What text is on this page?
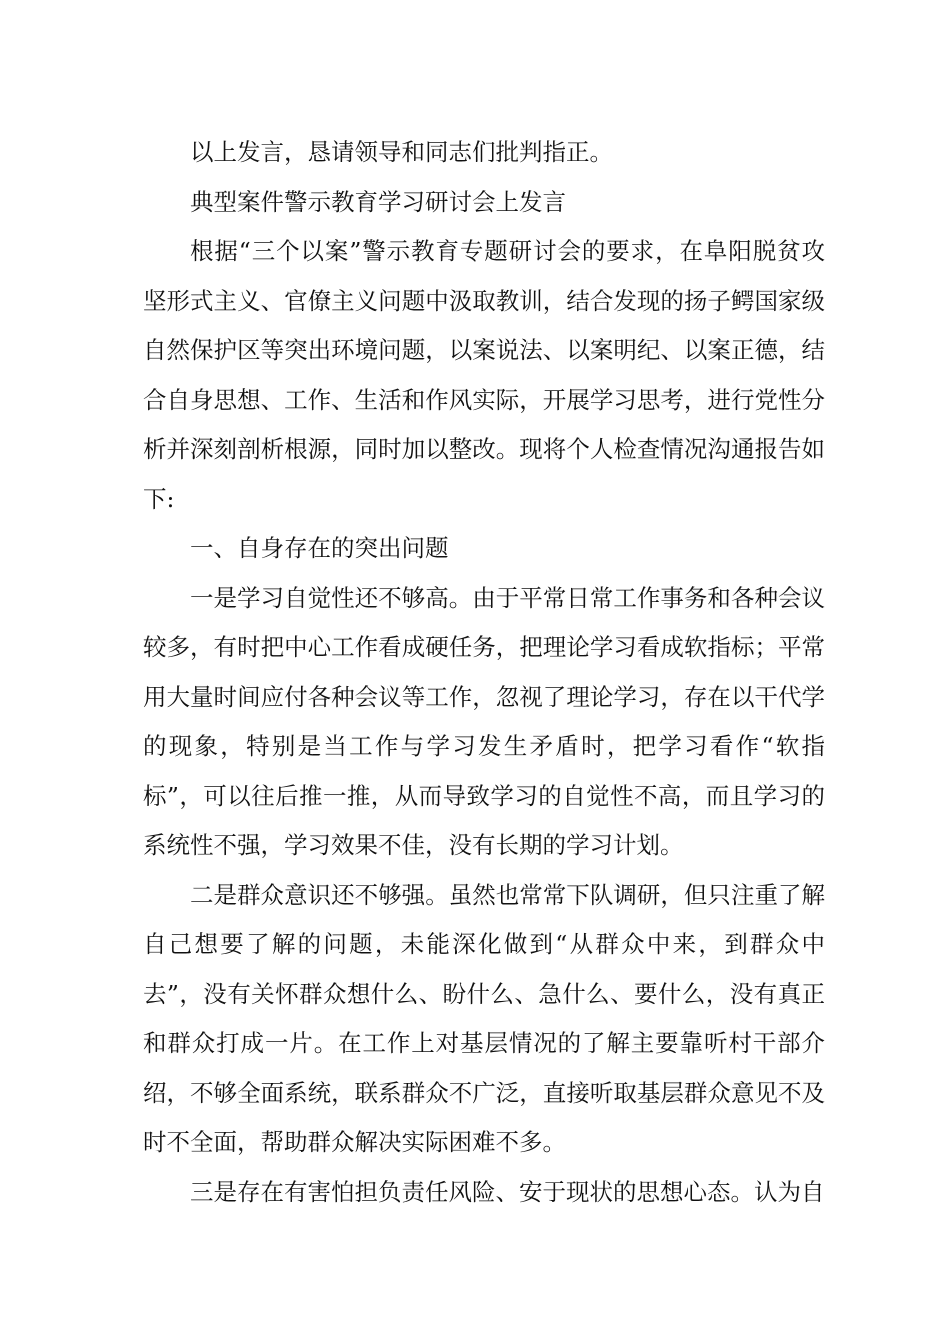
以上发言，恳请领导和同志们批判指正。

典型案件警示教育学习研讨会上发言

根据“三个以案”警示教育专题研讨会的要求，在阜阳脱贫攻坚形式主义、官僚主义问题中汲取教训，结合发现的扬子鳄国家级自然保护区等突出环境问题，以案说法、以案明纪、以案正德，结合自身思想、工作、生活和作风实际，开展学习思考，进行党性分析并深刻剖析根源，同时加以整改。现将个人检查情况沟通报告如下:

一、自身存在的突出问题

一是学习自觉性还不够高。由于平常日常工作事务和各种会议较多，有时把中心工作看成硬任务，把理论学习看成软指标；平常用大量时间应付各种会议等工作，忽视了理论学习，存在以干代学的现象，特别是当工作与学习发生矛盾时，把学习看作“软指标”，可以往后推一推，从而导致学习的自觉性不高，而且学习的系统性不强，学习效果不佳，没有长期的学习计划。

二是群众意识还不够强。虽然也常常下队调研，但只注重了解自己想要了解的问题，未能深化做到“从群众中来，到群众中去”，没有关怀群众想什么、盼什么、急什么、要什么，没有真正和群众打成一片。在工作上对基层情况的了解主要靠听村干部介绍，不够全面系统，联系群众不广泛，直接听取基层群众意见不及时不全面，帮助群众解决实际困难不多。

三是存在有害怕担负责任风险、安于现状的思想心态。认为自
